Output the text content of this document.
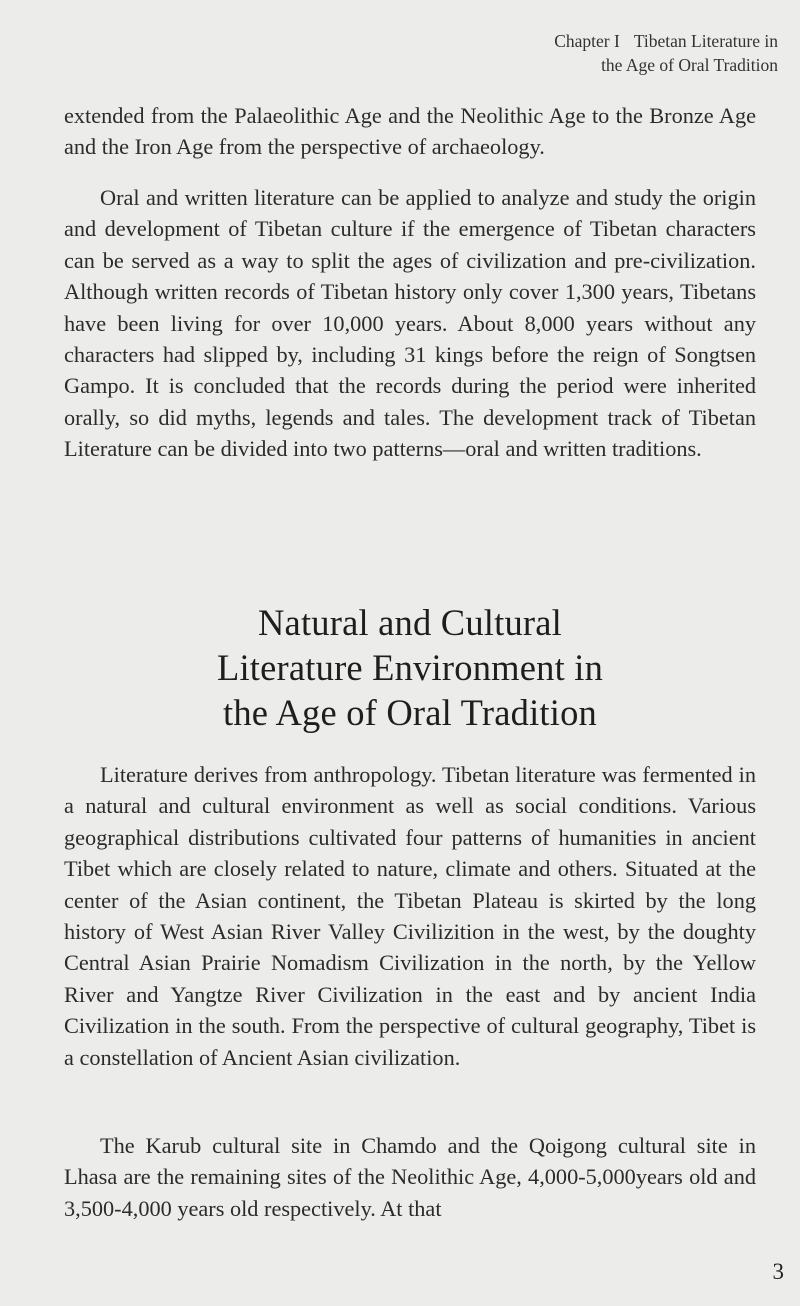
Chapter I Tibetan Literature in
the Age of Oral Tradition

extended from the Palaeolithic Age and the Neolithic Age to the Bronze Age and the Iron Age from the perspective of archaeology.

Oral and written literature can be applied to analyze and study the origin and development of Tibetan culture if the emergence of Tibetan characters can be served as a way to split the ages of civilization and pre-civilization. Although written records of Tibetan history only cover 1,300 years, Tibetans have been living for over 10,000 years. About 8,000 years without any characters had slipped by, including 31 kings before the reign of Songtsen Gampo. It is concluded that the records during the period were inherited orally, so did myths, legends and tales. The development track of Tibetan Literature can be divided into two patterns—oral and written traditions.

Natural and Cultural
Literature Environment in
the Age of Oral Tradition

Literature derives from anthropology. Tibetan literature was fermented in a natural and cultural environment as well as social conditions. Various geographical distributions cultivated four patterns of humanities in ancient Tibet which are closely related to nature, climate and others. Situated at the center of the Asian continent, the Tibetan Plateau is skirted by the long history of West Asian River Valley Civilizition in the west, by the doughty Central Asian Prairie Nomadism Civilization in the north, by the Yellow River and Yangtze River Civilization in the east and by ancient India Civilization in the south. From the perspective of cultural geography, Tibet is a constellation of Ancient Asian civilization.

The Karub cultural site in Chamdo and the Qoigong cultural site in Lhasa are the remaining sites of the Neolithic Age, 4,000-5,000years old and 3,500-4,000 years old respectively. At that

3
